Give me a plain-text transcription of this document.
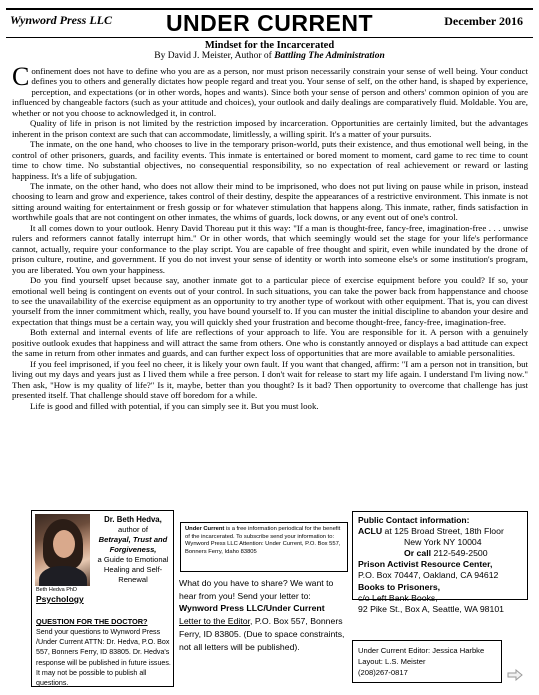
Wynword Press LLC	UNDER CURRENT	December 2016
Mindset for the Incarcerated
By David J. Meister, Author of Battling The Administration

Confinement does not have to define who you are as a person, nor must prison necessarily constrain your sense of well being. Your conduct defines you to others and generally dictates how people regard and treat you. Your sense of self, on the other hand, is shaped by experience, perception, and expectations (or in other words, hopes and wants). Since both your sense of person and others' common opinion of you are influenced by changeable factors (such as your attitude and choices), your outlook and daily dealings are comparatively fluid. Moldable. You are, whether or not you choose to acknowledged it, in control.

Quality of life in prison is not limited by the restriction imposed by incarceration. Opportunities are certainly limited, but the advantages inherent in the prison context are such that can accommodate, limitlessly, a willing spirit. It's a matter of your pursuits.

The inmate, on the one hand, who chooses to live in the temporary prison-world, puts their existence, and thus emotional well being, in the control of other prisoners, guards, and facility events. This inmate is entertained or bored moment to moment, card game to rec time to count time to chow time. No substantial objectives, no consequential responsibility, so no expectation of real achievement or reward or lasting happiness. It's a life of subjugation.

The inmate, on the other hand, who does not allow their mind to be imprisoned, who does not put living on pause while in prison, instead choosing to learn and grow and experience, takes control of their destiny, despite the appearances of a restrictive environment. This inmate is not sitting around waiting for entertainment or fresh gossip or for whatever stimulation that happens along. This inmate, rather, finds satisfaction in worthwhile goals that are not contingent on other inmates, the whims of guards, lock downs, or any event out of one's control.

It all comes down to your outlook. Henry David Thoreau put it this way: "If a man is thought-free, fancy-free, imagination-free . . . unwise rulers and reformers cannot fatally interrupt him." Or in other words, that which seemingly would set the stage for your life's performance cannot, actually, require your conformance to the play script. You are capable of free thought and spirit, even while inundated by the drone of prison culture, routine, and government. If you do not invest your sense of identity or worth into someone else's or some institution's program, you are liberated. You own your happiness.

Do you find yourself upset because say, another inmate got to a particular piece of exercise equipment before you could? If so, your emotional well being is contingent on events out of your control. In such situations, you can take the power back from happenstance and choose to see the unavailability of the exercise equipment as an opportunity to try another type of workout with other equipment. That is, you can divest yourself from the inner commitment which, really, you have bound yourself to. If you can muster the initial discipline to abandon your desire and expectation that things must be a certain way, you will quickly shed your frustration and become thought-free, fancy-free, imagination-free.

Both external and internal events of life are reflections of your approach to life. You are responsible for it. A person with a genuinely positive outlook exudes that happiness and will attract the same from others. One who is constantly annoyed or displays a bad attitude can expect the same in return from other inmates and guards, and can further expect loss of opportunities that are more available to amiable personalities.

If you feel imprisoned, if you feel no cheer, it is likely your own fault. If you want that changed, affirm: "I am a person not in transition, but living out my days and years just as I lived them while a free person. I don't wait for release to start my life again. I understand I'm living now." Then ask, "How is my quality of life?" Is it, maybe, better than you thought? Is it bad? Then opportunity to overcome that challenge has just presented itself. That challenge should stave off boredom for a while.

Life is good and filled with potential, if you can simply see it. But you must look.

Beth Hedva PhD
Psychology
Dr. Beth Hedva,
author of
Betrayal, Trust and Forgiveness,
a Guide to Emotional Healing and Self-Renewal
QUESTION FOR THE DOCTOR?
Send your questions to Wynword Press /Under Current ATTN: Dr. Hedva, P.O. Box 557, Bonners Ferry, ID 83805. Dr. Hedva's response will be published in future issues. It may not be possible to publish all questions.
Under Current is a free information periodical for the benefit of the incarcerated. To subscribe send your information to: Wynword Press LLC Attention: Under Current, P.O. Box 557, Bonners Ferry, Idaho 83805
What do you have to share? We want to hear from you! Send your letter to: Wynword Press LLC/Under Current Letter to the Editor, P.O. Box 557, Bonners Ferry, ID 83805. (Due to space constraints, not all letters will be published).
Public Contact information:
ACLU at 125 Broad Street, 18th Floor
New York NY 10004
Or call 212-549-2500
Prison Activist Resource Center,
P.O. Box 70447, Oakland, CA 94612
Books to Prisoners,
c/o Left Bank Books,
92 Pike St., Box A, Seattle, WA 98101
Under Current Editor: Jessica Harbke
Layout: L.S. Meister
(208)267-0817
